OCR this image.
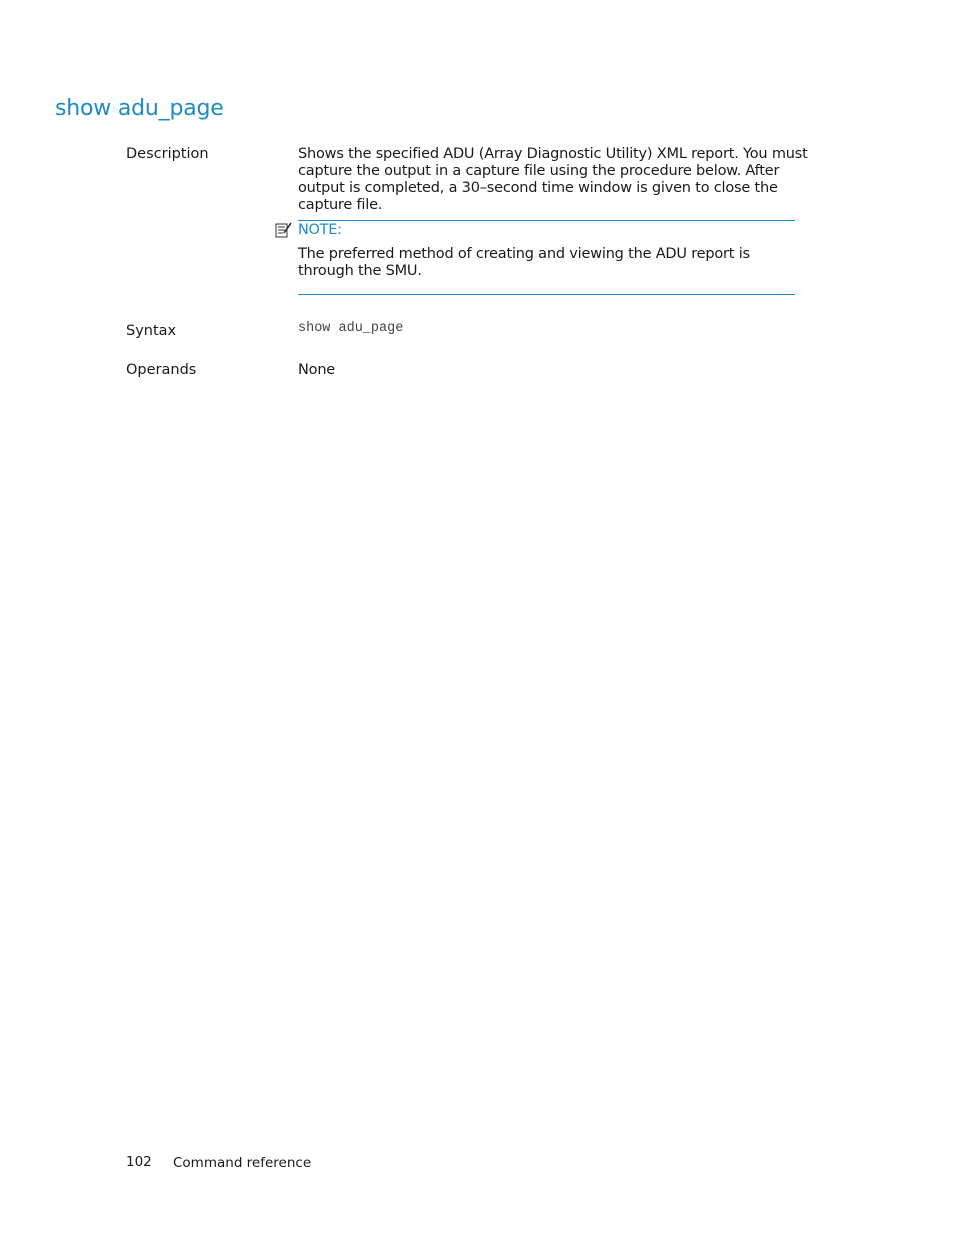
show adu_page
Description	Shows the specified ADU (Array Diagnostic Utility) XML report. You must capture the output in a capture file using the procedure below. After output is completed, a 30–second time window is given to close the capture file.
NOTE:
The preferred method of creating and viewing the ADU report is through the SMU.
Syntax	show adu_page
Operands	None
102 Command reference
